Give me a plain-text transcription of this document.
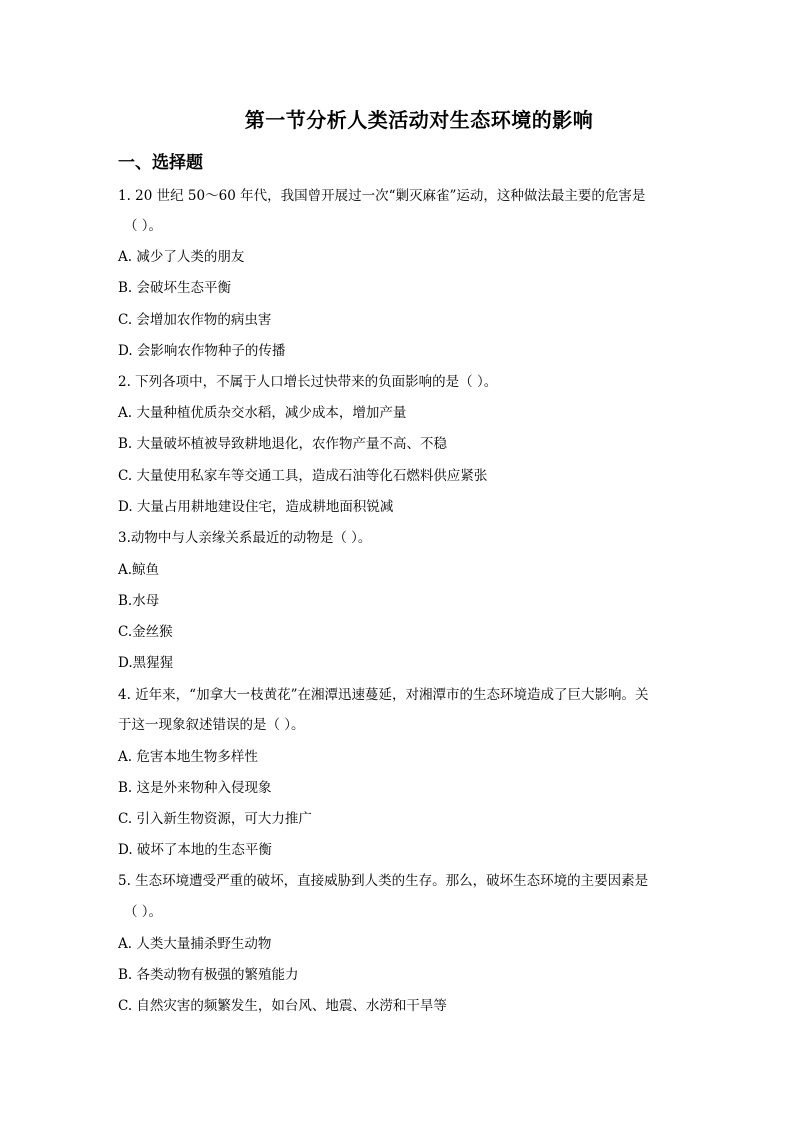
第一节分析人类活动对生态环境的影响
一、选择题
1. 20 世纪 50～60 年代，我国曾开展过一次“剿灭麻雀”运动，这种做法最主要的危害是
（ ）。
A. 减少了人类的朋友
B. 会破坏生态平衡
C. 会增加农作物的病虫害
D. 会影响农作物种子的传播
2. 下列各项中，不属于人口增长过快带来的负面影响的是（ ）。
A. 大量种植优质杂交水稻，减少成本，增加产量
B. 大量破坏植被导致耕地退化，农作物产量不高、不稳
C. 大量使用私家车等交通工具，造成石油等化石燃料供应紧张
D. 大量占用耕地建设住宅，造成耕地面积锐减
3.动物中与人亲缘关系最近的动物是（ ）。
A.鲸鱼
B.水母
C.金丝猴
D.黑猩猩
4. 近年来，“加拿大一枝黄花”在湘潭迅速蔓延，对湘潭市的生态环境造成了巨大影响。关
于这一现象叙述错误的是（ ）。
A. 危害本地生物多样性
B. 这是外来物种入侵现象
C. 引入新生物资源，可大力推广
D. 破坏了本地的生态平衡
5. 生态环境遭受严重的破坏，直接威胁到人类的生存。那么，破坏生态环境的主要因素是
（ ）。
A. 人类大量捕杀野生动物
B. 各类动物有极强的繁殖能力
C. 自然灾害的频繁发生，如台风、地震、水涝和干旱等
